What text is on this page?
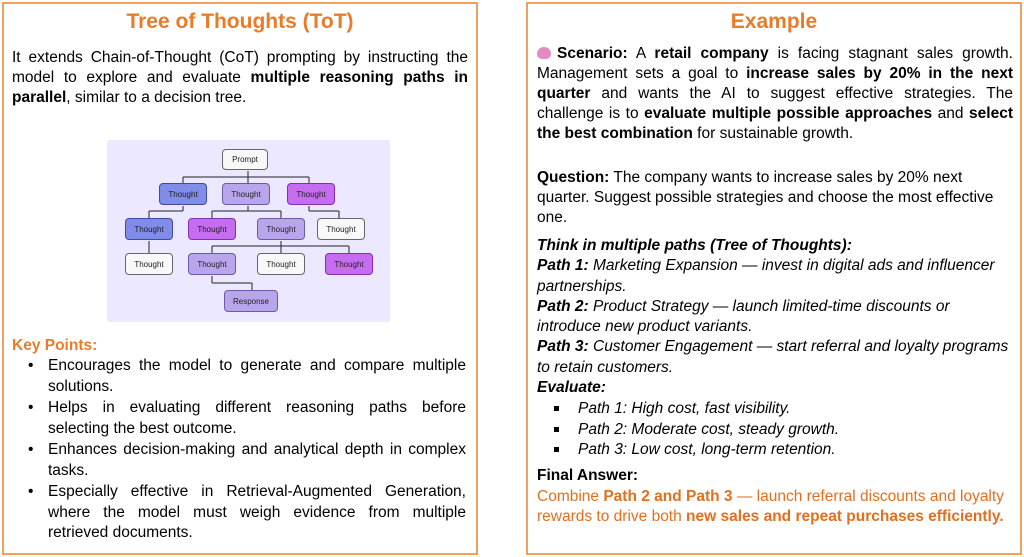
Tree of Thoughts (ToT)
It extends Chain-of-Thought (CoT) prompting by instructing the model to explore and evaluate multiple reasoning paths in parallel, similar to a decision tree.
Prompt
Thought	Thought	Thought
Thought	Thought	Thought	Thought
Thought	Thought	Thought	Thought
Response
Key Points:
• Encourages the model to generate and compare multiple solutions.
• Helps in evaluating different reasoning paths before selecting the best outcome.
• Enhances decision-making and analytical depth in complex tasks.
• Especially effective in Retrieval-Augmented Generation, where the model must weigh evidence from multiple retrieved documents.
Example
Scenario: A retail company is facing stagnant sales growth. Management sets a goal to increase sales by 20% in the next quarter and wants the AI to suggest effective strategies. The challenge is to evaluate multiple possible approaches and select the best combination for sustainable growth.
Question: The company wants to increase sales by 20% next quarter. Suggest possible strategies and choose the most effective one.
Think in multiple paths (Tree of Thoughts):
Path 1: Marketing Expansion — invest in digital ads and influencer partnerships.
Path 2: Product Strategy — launch limited-time discounts or introduce new product variants.
Path 3: Customer Engagement — start referral and loyalty programs to retain customers.
Evaluate:
Path 1: High cost, fast visibility.
Path 2: Moderate cost, steady growth.
Path 3: Low cost, long-term retention.
Final Answer:
Combine Path 2 and Path 3 — launch referral discounts and loyalty rewards to drive both new sales and repeat purchases efficiently.
